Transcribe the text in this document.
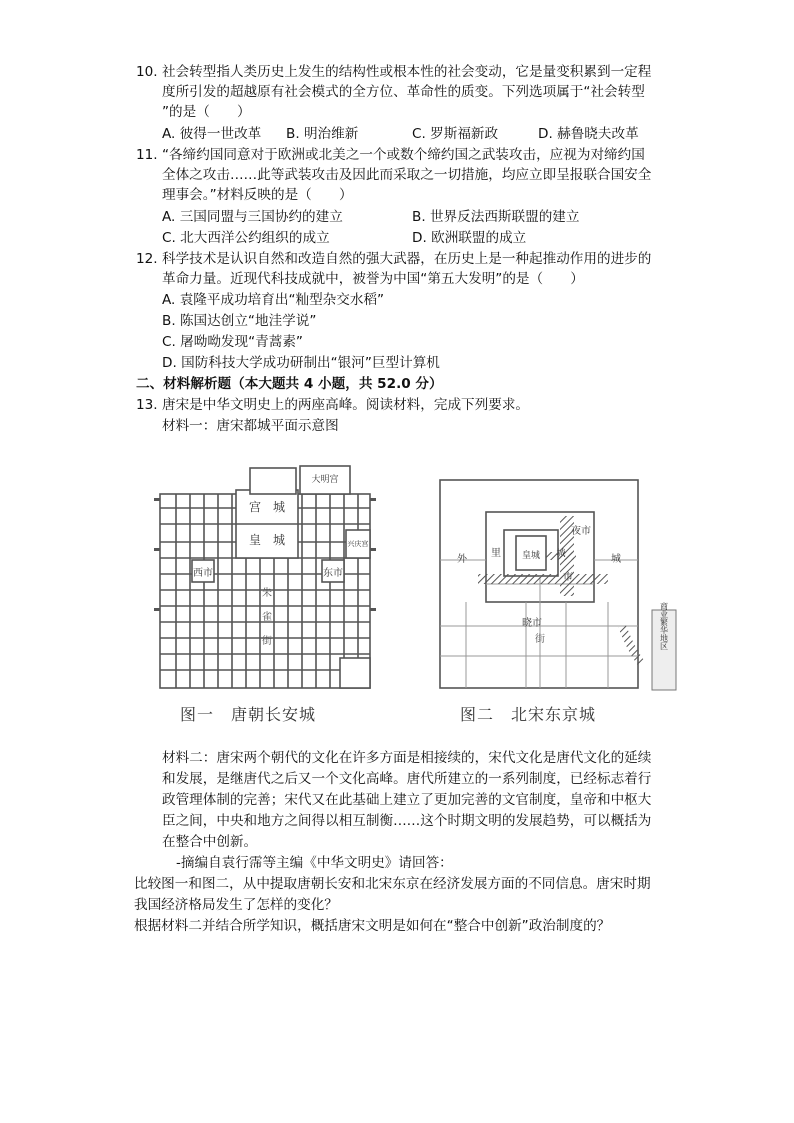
10. 社会转型指人类历史上发生的结构性或根本性的社会变动，它是量变积累到一定程
度所引发的超越原有社会模式的全方位、革命性的质变。下列选项属于“社会转型
”的是（　　）
A. 彼得一世改革 B. 明治维新	C. 罗斯福新政	D. 赫鲁晓夫改革
11. “各缔约国同意对于欧洲或北美之一个或数个缔约国之武装攻击，应视为对缔约国
全体之攻击……此等武装攻击及因此而采取之一切措施，均应立即呈报联合国安全
理事会。”材料反映的是（　　）
A. 三国同盟与三国协约的建立	B. 世界反法西斯联盟的建立
C. 北大西洋公约组织的成立	D. 欧洲联盟的成立
12. 科学技术是认识自然和改造自然的强大武器，在历史上是一种起推动作用的进步的
革命力量。近现代科技成就中，被誉为中国“第五大发明”的是（　　）
A. 袁隆平成功培育出“籼型杂交水稻”
B. 陈国达创立“地洼学说”
C. 屠呦呦发现“青蒿素”
D. 国防科技大学成功研制出“银河”巨型计算机
二、材料解析题（本大题共 4 小题，共 52.0 分）
13. 唐宋是中华文明史上的两座高峰。阅读材料，完成下列要求。
材料一：唐宋都城平面示意图
宫　城
皇　城
大明宫
兴庆宫
西市	东市
朱
雀
街
图一　唐朝长安城
皇城
里	城
外	城
夜市
市
晓市
街	商业繁华地区
图二　北宋东京城
材料二：唐宋两个朝代的文化在许多方面是相接续的，宋代文化是唐代文化的延续
和发展，是继唐代之后又一个文化高峰。唐代所建立的一系列制度，已经标志着行
政管理体制的完善；宋代又在此基础上建立了更加完善的文官制度，皇帝和中枢大
臣之间，中央和地方之间得以相互制衡……这个时期文明的发展趋势，可以概括为
在整合中创新。
-摘编自袁行霈等主编《中华文明史》请回答：
比较图一和图二，从中提取唐朝长安和北宋东京在经济发展方面的不同信息。唐宋时期
我国经济格局发生了怎样的变化？
根据材料二并结合所学知识，概括唐宋文明是如何在“整合中创新”政治制度的？
